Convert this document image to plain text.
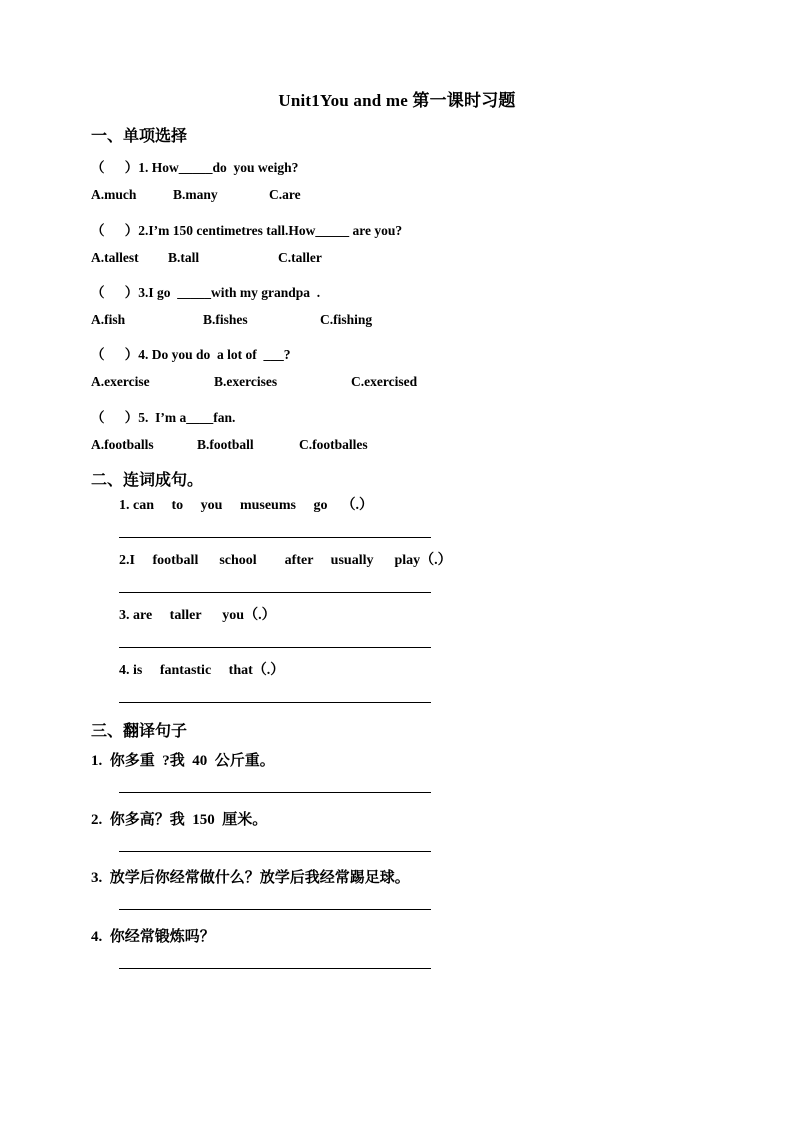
Unit1You and me 第一课时习题
一、单项选择
（      ）1. How_____do  you weigh?
A.much	B.many	C.are
（      ）2.I’m 150 centimetres tall.How_____ are you?
A.tallest B.tall	C.taller
（      ）3.I go  _____with my grandpa  .
A.fish	B.fishes	C.fishing
（      ）4. Do you do  a lot of  ___?
A.exercise	B.exercises	C.exercised
（      ）5.  I’m a____fan.
A.footballs	B.football	C.footballes
二、连词成句。
1. can     to     you     museums     go    （.）
2.I     football      school        after     usually      play（.）
3. are     taller      you（.）
4. is     fantastic     that（.）
三、翻译句子
1.  你多重  ?我  40  公斤重。
2.  你多高？我  150  厘米。
3.  放学后你经常做什么？放学后我经常踢足球。
4.  你经常锻炼吗？
